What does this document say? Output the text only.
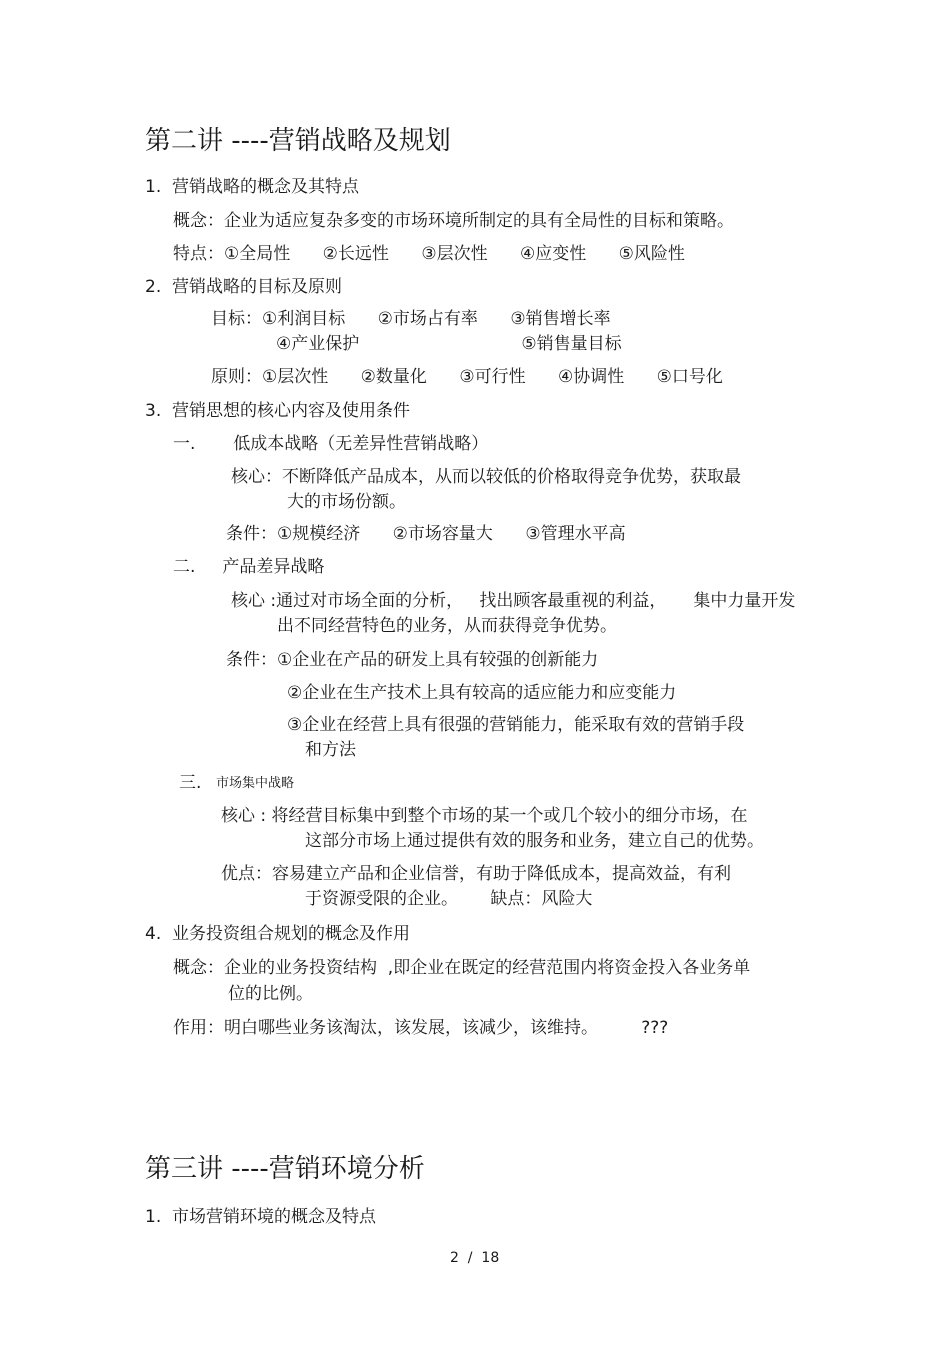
第二讲 ----营销战略及规划
1.  营销战略的概念及其特点
概念：企业为适应复杂多变的市场环境所制定的具有全局性的目标和策略。
特点：①全局性      ②长远性      ③层次性      ④应变性      ⑤风险性
2.  营销战略的目标及原则
目标：①利润目标      ②市场占有率      ③销售增长率
④产业保护                              ⑤销售量目标
原则：①层次性      ②数量化      ③可行性      ④协调性      ⑤口号化
3.  营销思想的核心内容及使用条件
一.       低成本战略（无差异性营销战略）
核心：不断降低产品成本，从而以较低的价格取得竞争优势，获取最
大的市场份额。
条件：①规模经济      ②市场容量大      ③管理水平高
二.     产品差异战略
核心 :通过对市场全面的分析，   找出顾客最重视的利益，     集中力量开发
出不同经营特色的业务，从而获得竞争优势。
条件：①企业在产品的研发上具有较强的创新能力
②企业在生产技术上具有较高的适应能力和应变能力
③企业在经营上具有很强的营销能力，能采取有效的营销手段
和方法
三. 市场集中战略
核心 : 将经营目标集中到整个市场的某一个或几个较小的细分市场，在
这部分市场上通过提供有效的服务和业务，建立自己的优势。
优点：容易建立产品和企业信誉，有助于降低成本，提高效益，有利
于资源受限的企业。      缺点：风险大
4.  业务投资组合规划的概念及作用
概念：企业的业务投资结构  ,即企业在既定的经营范围内将资金投入各业务单
位的比例。
作用：明白哪些业务该淘汰，该发展，该减少，该维持。        ???
第三讲 ----营销环境分析
1.  市场营销环境的概念及特点
2  /  18
